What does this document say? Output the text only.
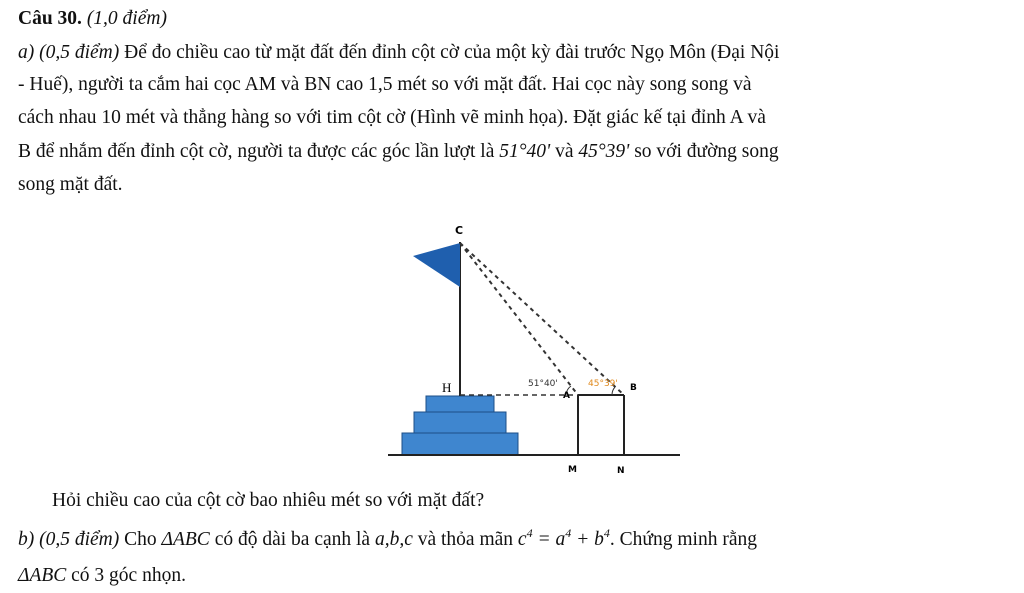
Câu 30. (1,0 điểm)
a) (0,5 điểm) Để đo chiều cao từ mặt đất đến đỉnh cột cờ của một kỳ đài trước Ngọ Môn (Đại Nội
- Huế), người ta cắm hai cọc AM và BN cao 1,5 mét so với mặt đất. Hai cọc này song song và
cách nhau 10 mét và thẳng hàng so với tim cột cờ (Hình vẽ minh họa). Đặt giác kế tại đỉnh A và
B để nhắm đến đỉnh cột cờ, người ta được các góc lần lượt là 51°40' và 45°39' so với đường song
song mặt đất.
C
H
A
B
M	N
51°40'	45°39'
Hỏi chiều cao của cột cờ bao nhiêu mét so với mặt đất?
b) (0,5 điểm) Cho ΔABC có độ dài ba cạnh là a,b,c và thỏa mãn $c^4 = a^4 + b^4$. Chứng minh rằng
ΔABC có 3 góc nhọn.
